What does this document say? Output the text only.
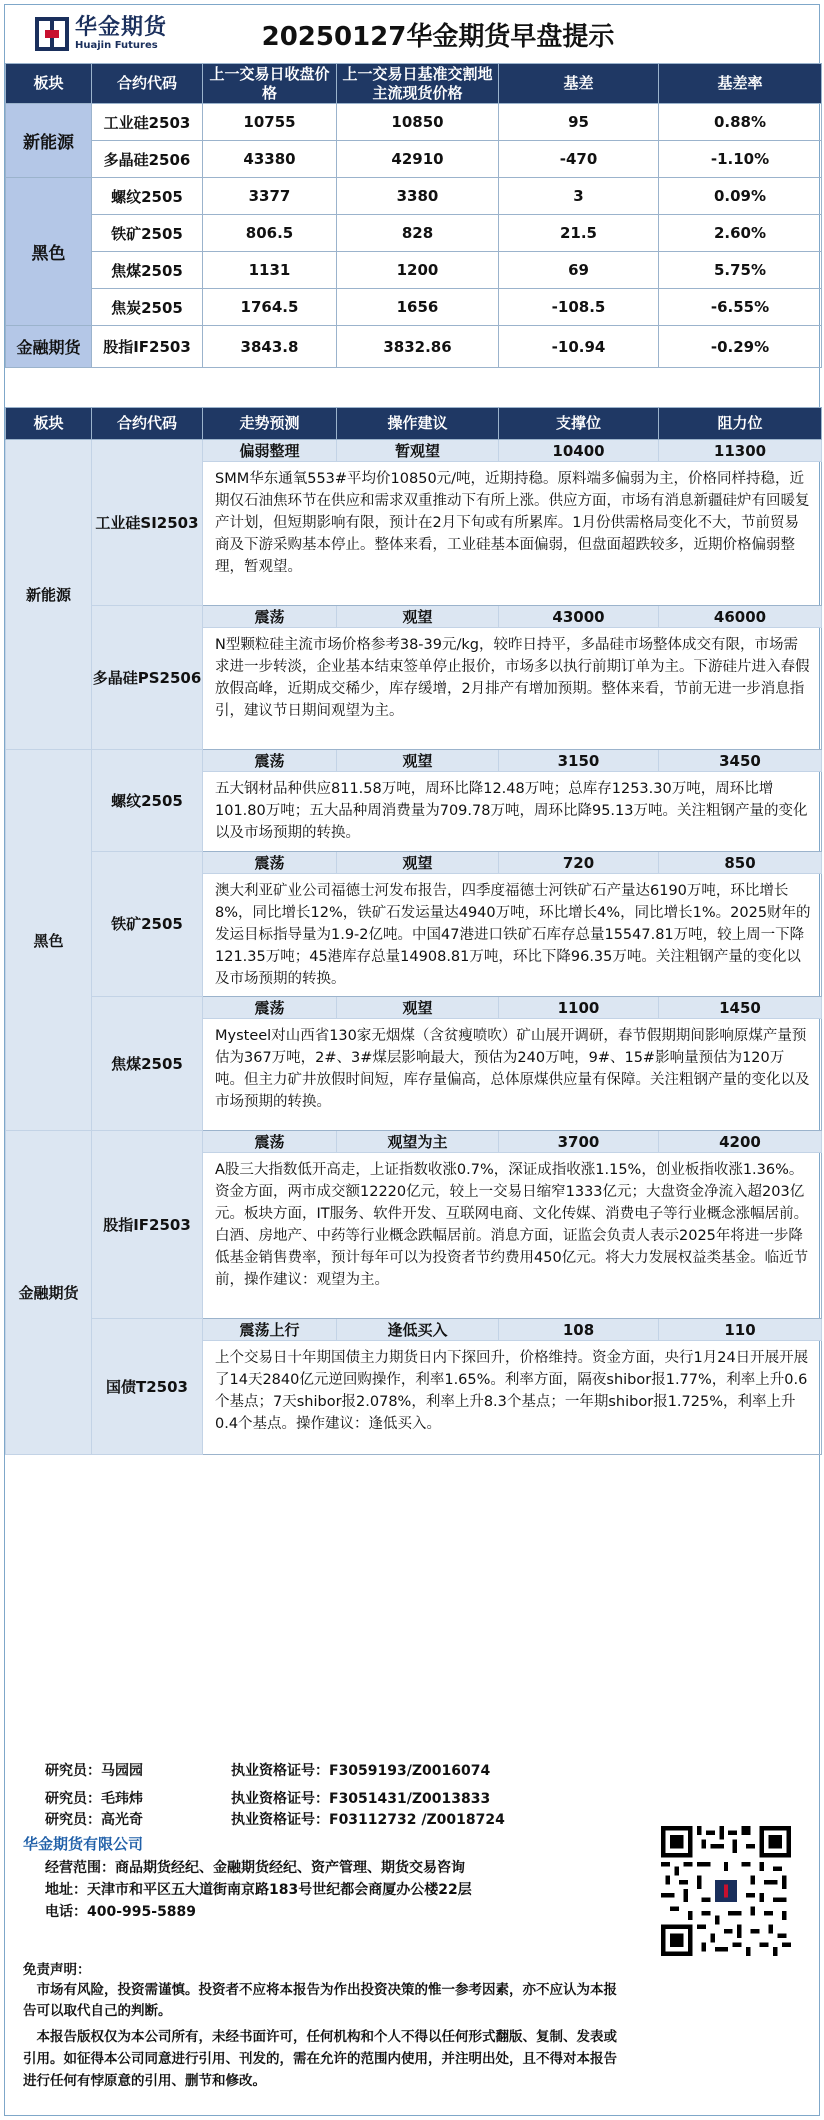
华金期货
Huajin Futures	20250127华金期货早盘提示
板块	合约代码	上一交易日收盘价格	上一交易日基准交割地主流现货价格	基差	基差率
新能源	工业硅2503	10755	10850	95	0.88%
	多晶硅2506	43380	42910	-470	-1.10%
黑色	螺纹2505	3377	3380	3	0.09%
	铁矿2505	806.5	828	21.5	2.60%
	焦煤2505	1131	1200	69	5.75%
	焦炭2505	1764.5	1656	-108.5	-6.55%
金融期货	股指IF2503	3843.8	3832.86	-10.94	-0.29%
板块	合约代码	走势预测	操作建议	支撑位	阻力位
新能源	工业硅SI2503	偏弱整理	暂观望	10400	11300
		SMM华东通氧553#平均价10850元/吨，近期持稳。原料端多偏弱为主，价格同样持稳，近期仅石油焦环节在供应和需求双重推动下有所上涨。供应方面，市场有消息新疆硅炉有回暖复产计划，但短期影响有限，预计在2月下旬或有所累库。1月份供需格局变化不大，节前贸易商及下游采购基本停止。整体来看，工业硅基本面偏弱，但盘面超跌较多，近期价格偏弱整理，暂观望。			
	多晶硅PS2506	震荡	观望	43000	46000
		N型颗粒硅主流市场价格参考38-39元/kg，较昨日持平，多晶硅市场整体成交有限，市场需求进一步转淡，企业基本结束签单停止报价，市场多以执行前期订单为主。下游硅片进入春假放假高峰，近期成交稀少，库存缓增，2月排产有增加预期。整体来看，节前无进一步消息指引，建议节日期间观望为主。			
黑色	螺纹2505	震荡	观望	3150	3450
		五大钢材品种供应811.58万吨，周环比降12.48万吨；总库存1253.30万吨，周环比增101.80万吨；五大品种周消费量为709.78万吨，周环比降95.13万吨。关注粗钢产量的变化以及市场预期的转换。			
	铁矿2505	震荡	观望	720	850
		澳大利亚矿业公司福德士河发布报告，四季度福德士河铁矿石产量达6190万吨，环比增长8%，同比增长12%，铁矿石发运量达4940万吨，环比增长4%，同比增长1%。2025财年的发运目标指导量为1.9-2亿吨。中国47港进口铁矿石库存总量15547.81万吨，较上周一下降121.35万吨；45港库存总量14908.81万吨，环比下降96.35万吨。关注粗钢产量的变化以及市场预期的转换。			
	焦煤2505	震荡	观望	1100	1450
		Mysteel对山西省130家无烟煤（含贫瘦喷吹）矿山展开调研，春节假期期间影响原煤产量预估为367万吨，2#、3#煤层影响最大，预估为240万吨，9#、15#影响量预估为120万吨。但主力矿井放假时间短，库存量偏高，总体原煤供应量有保障。关注粗钢产量的变化以及市场预期的转换。			
金融期货	股指IF2503	震荡	观望为主	3700	4200
		A股三大指数低开高走，上证指数收涨0.7%，深证成指收涨1.15%，创业板指收涨1.36%。资金方面，两市成交额12220亿元，较上一交易日缩窄1333亿元；大盘资金净流入超203亿元。板块方面，IT服务、软件开发、互联网电商、文化传媒、消费电子等行业概念涨幅居前。白酒、房地产、中药等行业概念跌幅居前。消息方面，证监会负责人表示2025年将进一步降低基金销售费率，预计每年可以为投资者节约费用450亿元。将大力发展权益类基金。临近节前，操作建议：观望为主。			
	国债T2503	震荡上行	逢低买入	108	110
		上个交易日十年期国债主力期货日内下探回升，价格维持。资金方面，央行1月24日开展开展了14天2840亿元逆回购操作，利率1.65%。利率方面，隔夜shibor报1.77%，利率上升0.6个基点；7天shibor报2.078%，利率上升8.3个基点；一年期shibor报1.725%，利率上升0.4个基点。操作建议：逢低买入。			
研究员：马园园	执业资格证号：F3059193/Z0016074
研究员：毛玮炜	执业资格证号：F3051431/Z0013833
研究员：高光奇	执业资格证号：F03112732 /Z0018724
华金期货有限公司
经营范围：商品期货经纪、金融期货经纪、资产管理、期货交易咨询
地址：天津市和平区五大道街南京路183号世纪都会商厦办公楼22层
电话：400-995-5889
免责声明：
市场有风险，投资需谨慎。投资者不应将本报告为作出投资决策的惟一参考因素，亦不应认为本报告可以取代自己的判断。
本报告版权仅为本公司所有，未经书面许可，任何机构和个人不得以任何形式翻版、复制、发表或引用。如征得本公司同意进行引用、刊发的，需在允许的范围内使用，并注明出处，且不得对本报告进行任何有悖原意的引用、删节和修改。
